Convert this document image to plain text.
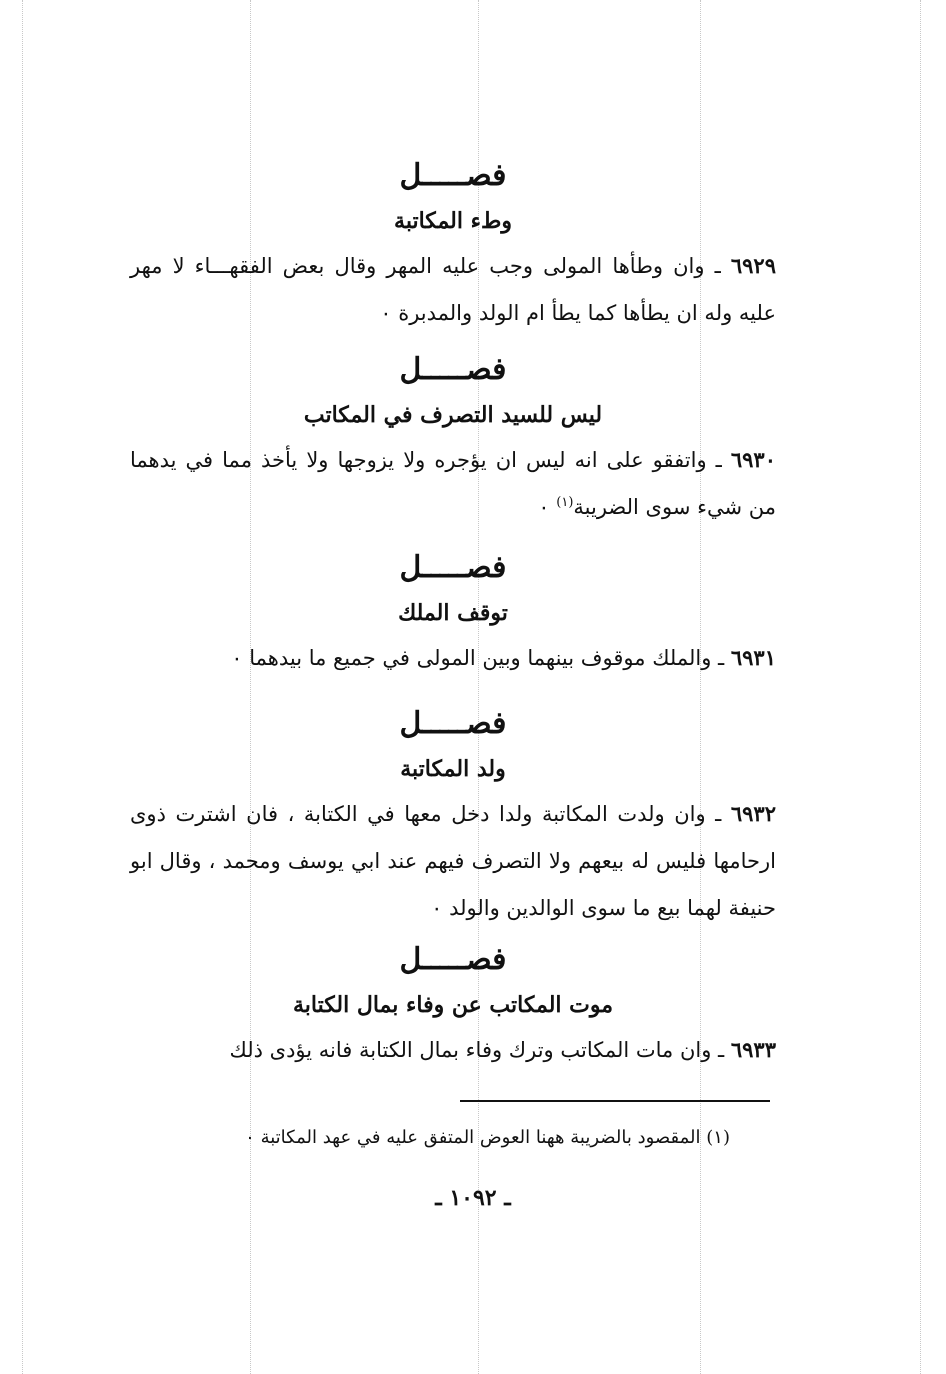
فصـــــل
وطء المكاتبة
٦٩٢٩ ـ وان وطأها المولى وجب عليه المهر وقال بعض الفقهـــاء لا مهر عليه وله ان يطأها كما يطأ ام الولد والمدبرة ٠
فصـــــل
ليس للسيد التصرف في المكاتب
٦٩٣٠ ـ واتفقو على انه ليس ان يؤجره ولا يزوجها ولا يأخذ مما في يدهما من شيء سوى الضريبة$^{(١)}$ ٠
فصـــــل
توقف الملك
٦٩٣١ ـ والملك موقوف بينهما وبين المولى في جميع ما بيدهما ٠
فصـــــل
ولد المكاتبة
٦٩٣٢ ـ وان ولدت المكاتبة ولدا دخل معها في الكتابة ، فان اشترت ذوى ارحامها فليس له بيعهم ولا التصرف فيهم عند ابي يوسف ومحمد ، وقال ابو حنيفة لهما بيع ما سوى الوالدين والولد ٠
فصـــــل
موت المكاتب عن وفاء بمال الكتابة
٦٩٣٣ ـ وان مات المكاتب وترك وفاء بمال الكتابة فانه يؤدى ذلك
(١) المقصود بالضريبة ههنا العوض المتفق عليه في عهد المكاتبة ٠
ـ ١٠٩٢ ـ
